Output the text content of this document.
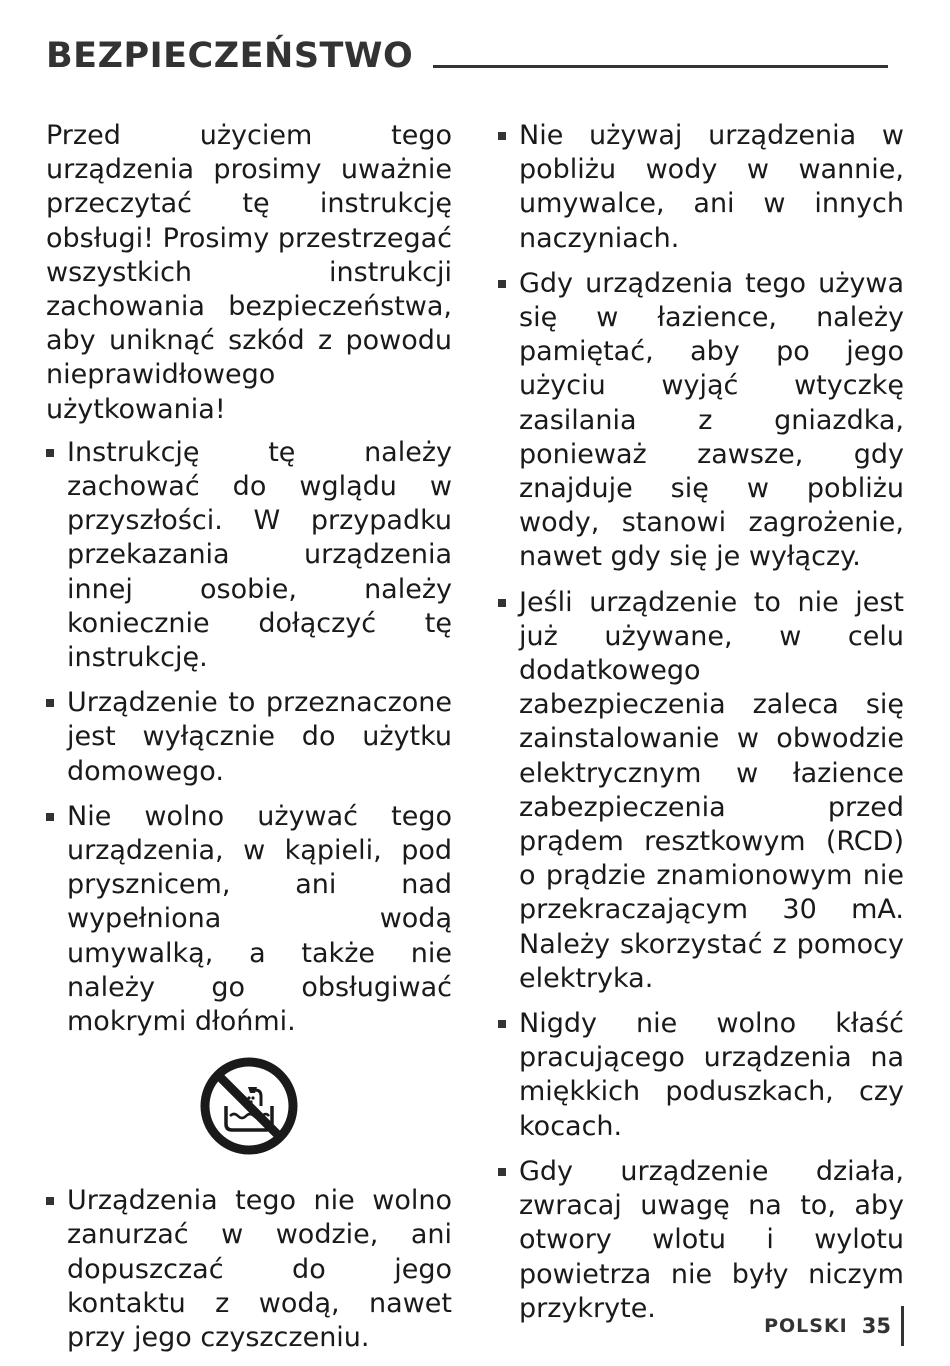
BEZPIECZEŃSTWO

Przed użyciem tego urządzenia prosimy uważnie przeczytać tę instrukcję obsługi! Prosimy przestrzegać wszystkich instrukcji zachowania bezpieczeństwa, aby uniknąć szkód z powodu nieprawidłowego użytkowania!

Instrukcję tę należy zachować do wglądu w przyszłości. W przypadku przekazania urządzenia innej osobie, należy koniecznie dołączyć tę instrukcję.
Urządzenie to przeznaczone jest wyłącznie do użytku domowego.
Nie wolno używać tego urządzenia, w kąpieli, pod prysznicem, ani nad wypełniona wodą umywalką, a także nie należy go obsługiwać mokrymi dłońmi.
Urządzenia tego nie wolno zanurzać w wodzie, ani dopuszczać do jego kontaktu z wodą, nawet przy jego czyszczeniu.
Nie używaj urządzenia w pobliżu wody w wannie, umywalce, ani w innych naczyniach.
Gdy urządzenia tego używa się w łazience, należy pamiętać, aby po jego użyciu wyjąć wtyczkę zasilania z gniazdka, ponieważ zawsze, gdy znajduje się w pobliżu wody, stanowi zagrożenie, nawet gdy się je wyłączy.
Jeśli urządzenie to nie jest już używane, w celu dodatkowego zabezpieczenia zaleca się zainstalowanie w obwodzie elektrycznym w łazience zabezpieczenia przed prądem resztkowym (RCD) o prądzie znamionowym nie przekraczającym 30 mA. Należy skorzystać z pomocy elektryka.
Nigdy nie wolno kłaść pracującego urządzenia na miękkich poduszkach, czy kocach.
Gdy urządzenie działa, zwracaj uwagę na to, aby otwory wlotu i wylotu powietrza nie były niczym przykryte.
POLSKI 35
